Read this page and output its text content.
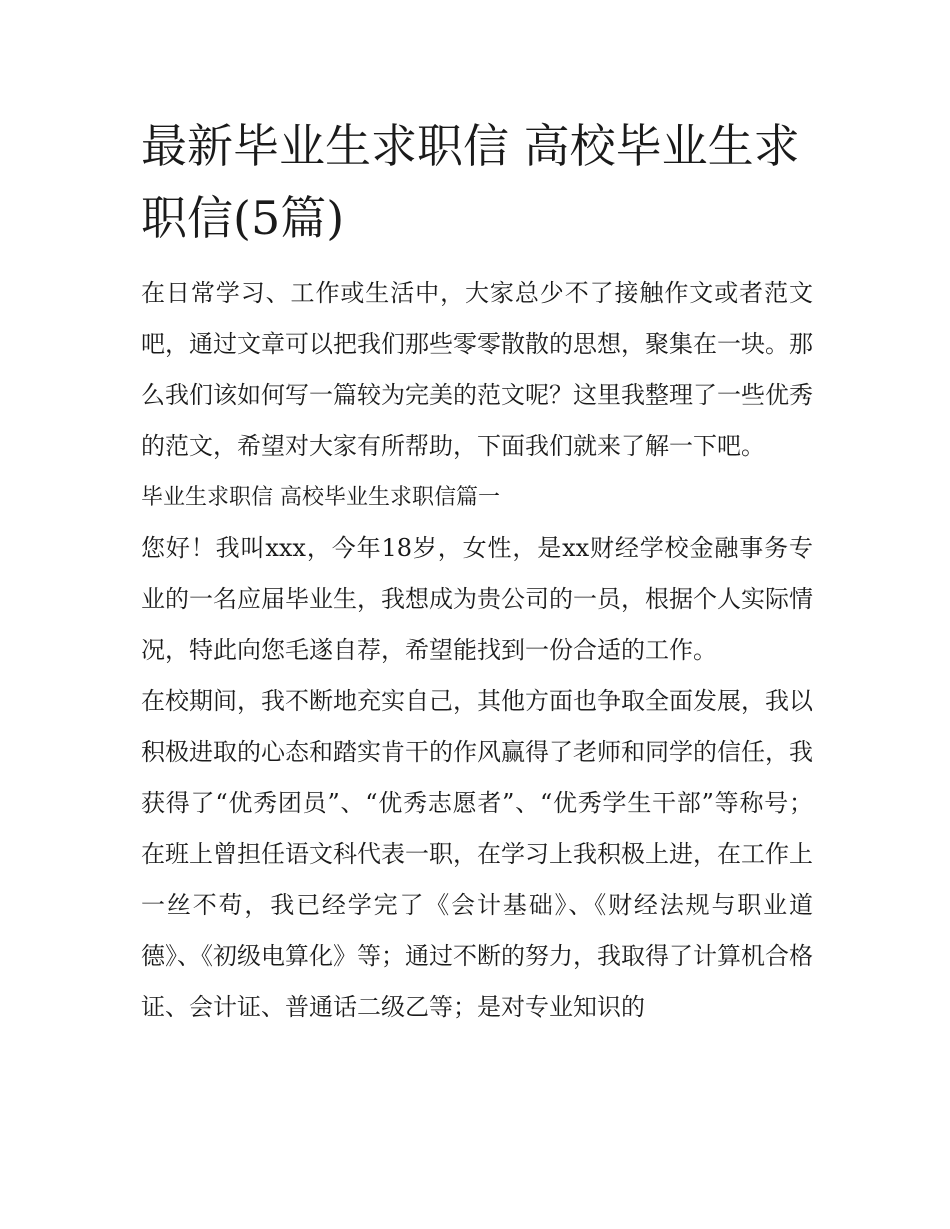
最新毕业生求职信 高校毕业生求职信(5篇)

在日常学习、工作或生活中，大家总少不了接触作文或者范文吧，通过文章可以把我们那些零零散散的思想，聚集在一块。那么我们该如何写一篇较为完美的范文呢？这里我整理了一些优秀的范文，希望对大家有所帮助，下面我们就来了解一下吧。

毕业生求职信 高校毕业生求职信篇一

您好！我叫xxx，今年18岁，女性，是xx财经学校金融事务专业的一名应届毕业生，我想成为贵公司的一员，根据个人实际情况，特此向您毛遂自荐，希望能找到一份合适的工作。

在校期间，我不断地充实自己，其他方面也争取全面发展，我以积极进取的心态和踏实肯干的作风赢得了老师和同学的信任，我获得了“优秀团员”、“优秀志愿者”、“优秀学生干部”等称号；在班上曾担任语文科代表一职，在学习上我积极上进，在工作上一丝不苟，我已经学完了《会计基础》、《财经法规与职业道德》、《初级电算化》等；通过不断的努力，我取得了计算机合格证、会计证、普通话二级乙等；是对专业知识的
